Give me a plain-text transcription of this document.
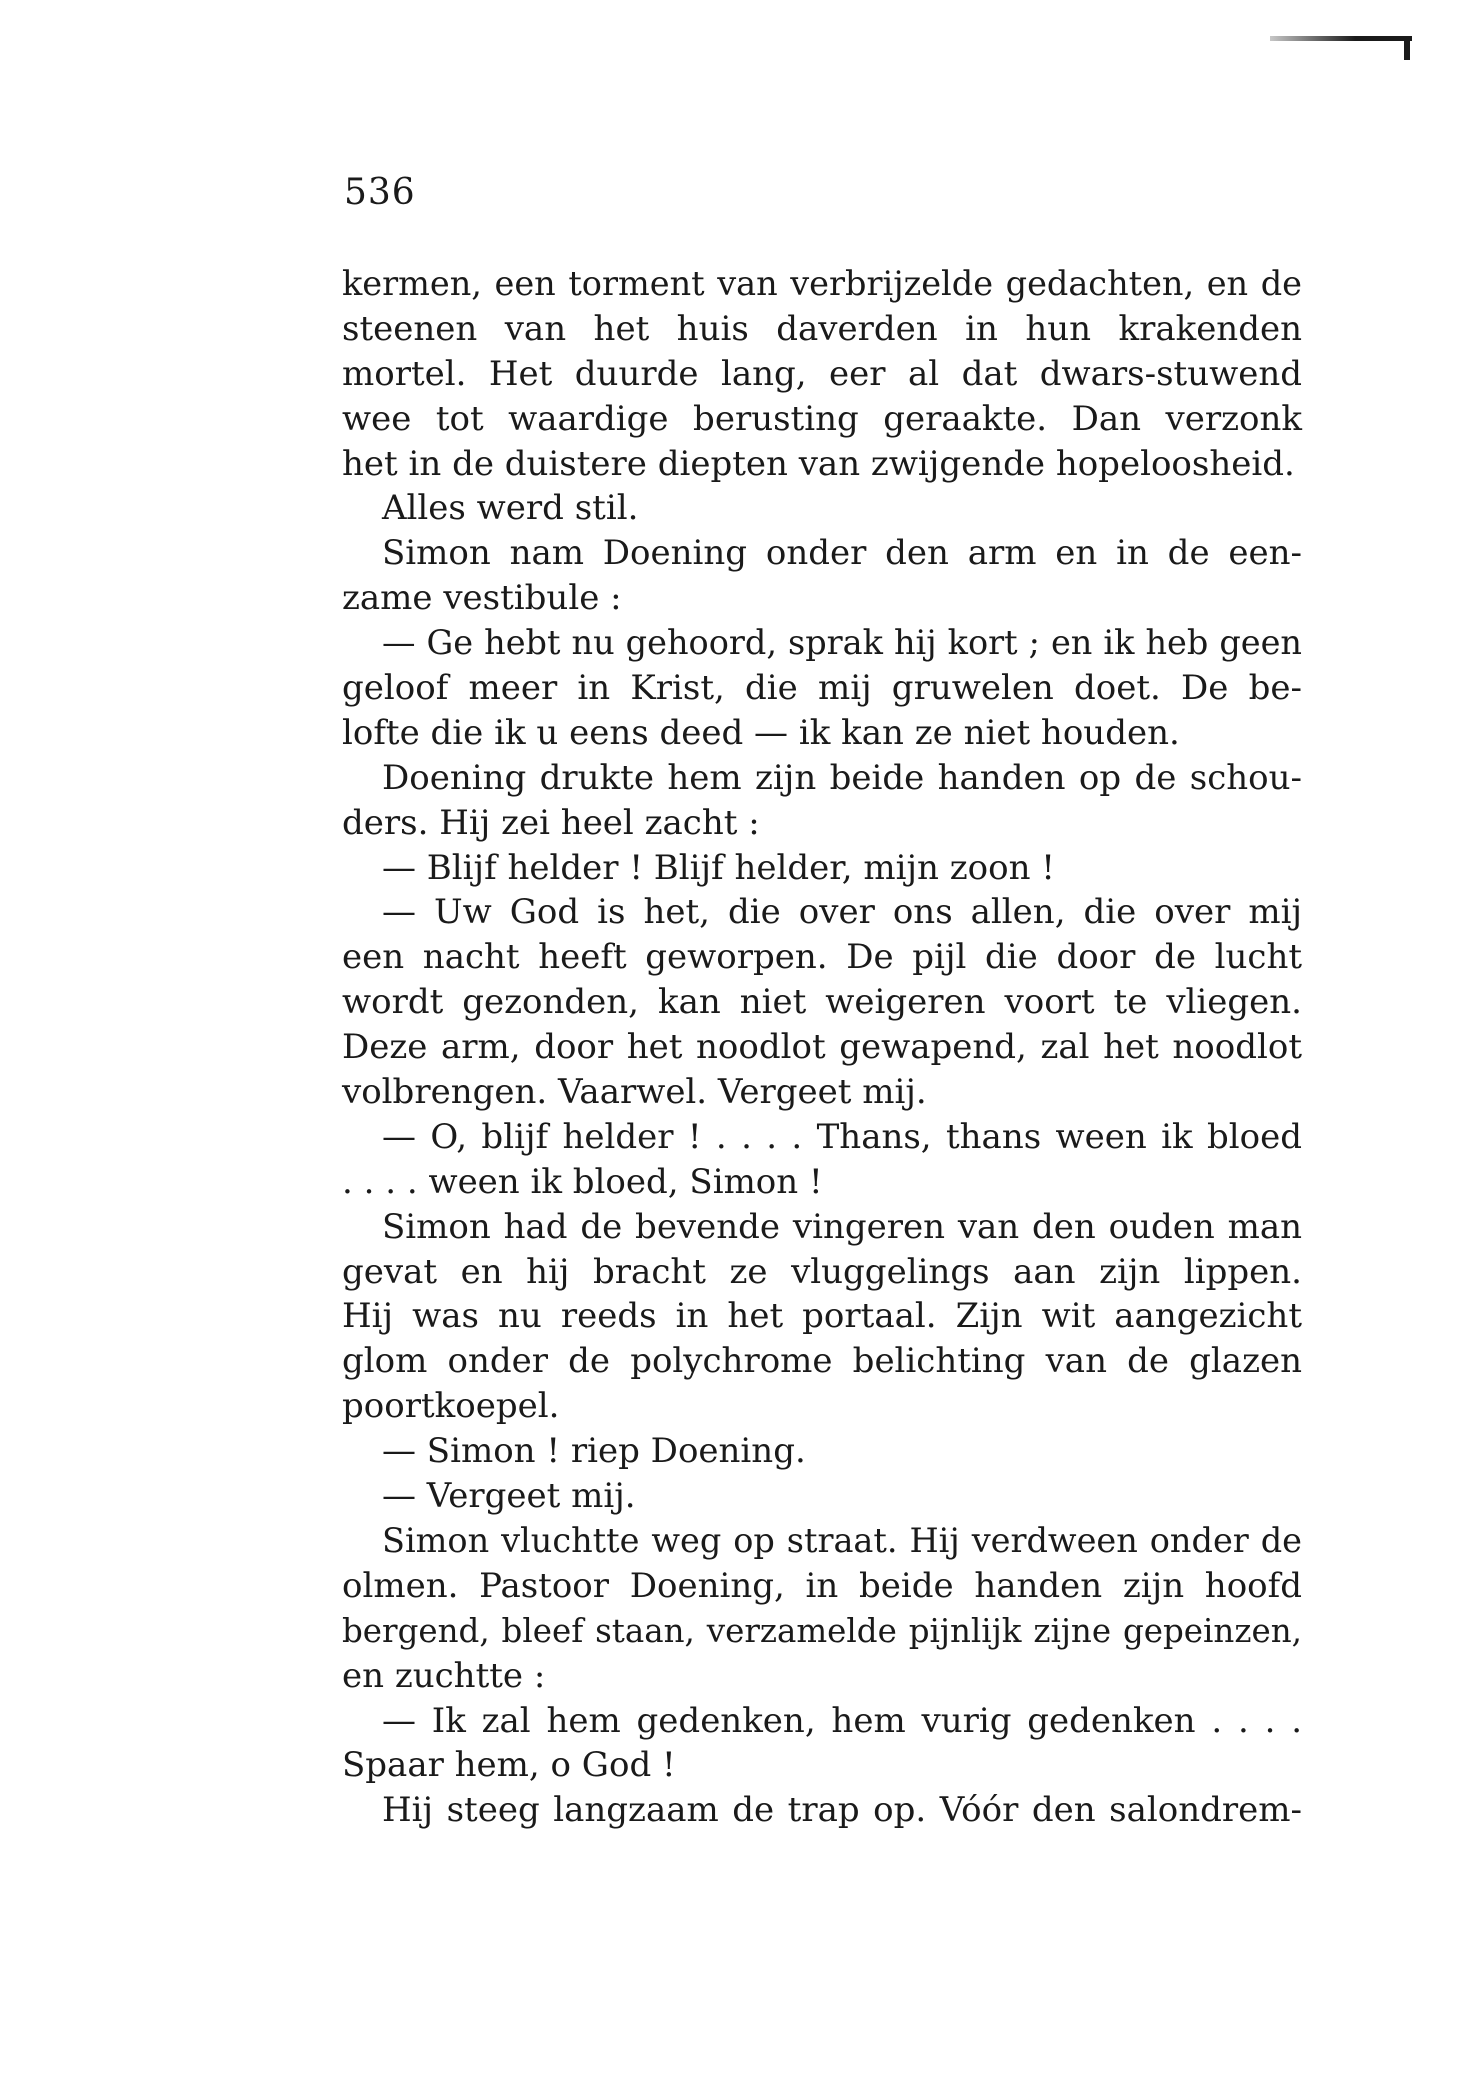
536
kermen, een torment van verbrijzelde gedachten, en de
steenen van het huis daverden in hun krakenden
mortel. Het duurde lang, eer al dat dwars-stuwend
wee tot waardige berusting geraakte. Dan verzonk
het in de duistere diepten van zwijgende hopeloosheid.
Alles werd stil.
Simon nam Doening onder den arm en in de een-
zame vestibule :
— Ge hebt nu gehoord, sprak hij kort ; en ik heb geen
geloof meer in Krist, die mij gruwelen doet. De be-
lofte die ik u eens deed — ik kan ze niet houden.
Doening drukte hem zijn beide handen op de schou-
ders. Hij zei heel zacht :
— Blijf helder ! Blijf helder, mijn zoon !
— Uw God is het, die over ons allen, die over mij
een nacht heeft geworpen. De pijl die door de lucht
wordt gezonden, kan niet weigeren voort te vliegen.
Deze arm, door het noodlot gewapend, zal het noodlot
volbrengen. Vaarwel. Vergeet mij.
— O, blijf helder ! . . . . Thans, thans ween ik bloed
. . . . ween ik bloed, Simon !
Simon had de bevende vingeren van den ouden man
gevat en hij bracht ze vluggelings aan zijn lippen.
Hij was nu reeds in het portaal. Zijn wit aangezicht
glom onder de polychrome belichting van de glazen
poortkoepel.
— Simon ! riep Doening.
— Vergeet mij.
Simon vluchtte weg op straat. Hij verdween onder de
olmen. Pastoor Doening, in beide handen zijn hoofd
bergend, bleef staan, verzamelde pijnlijk zijne gepeinzen,
en zuchtte :
— Ik zal hem gedenken, hem vurig gedenken . . . .
Spaar hem, o God !
Hij steeg langzaam de trap op. Vóór den salondrem-
